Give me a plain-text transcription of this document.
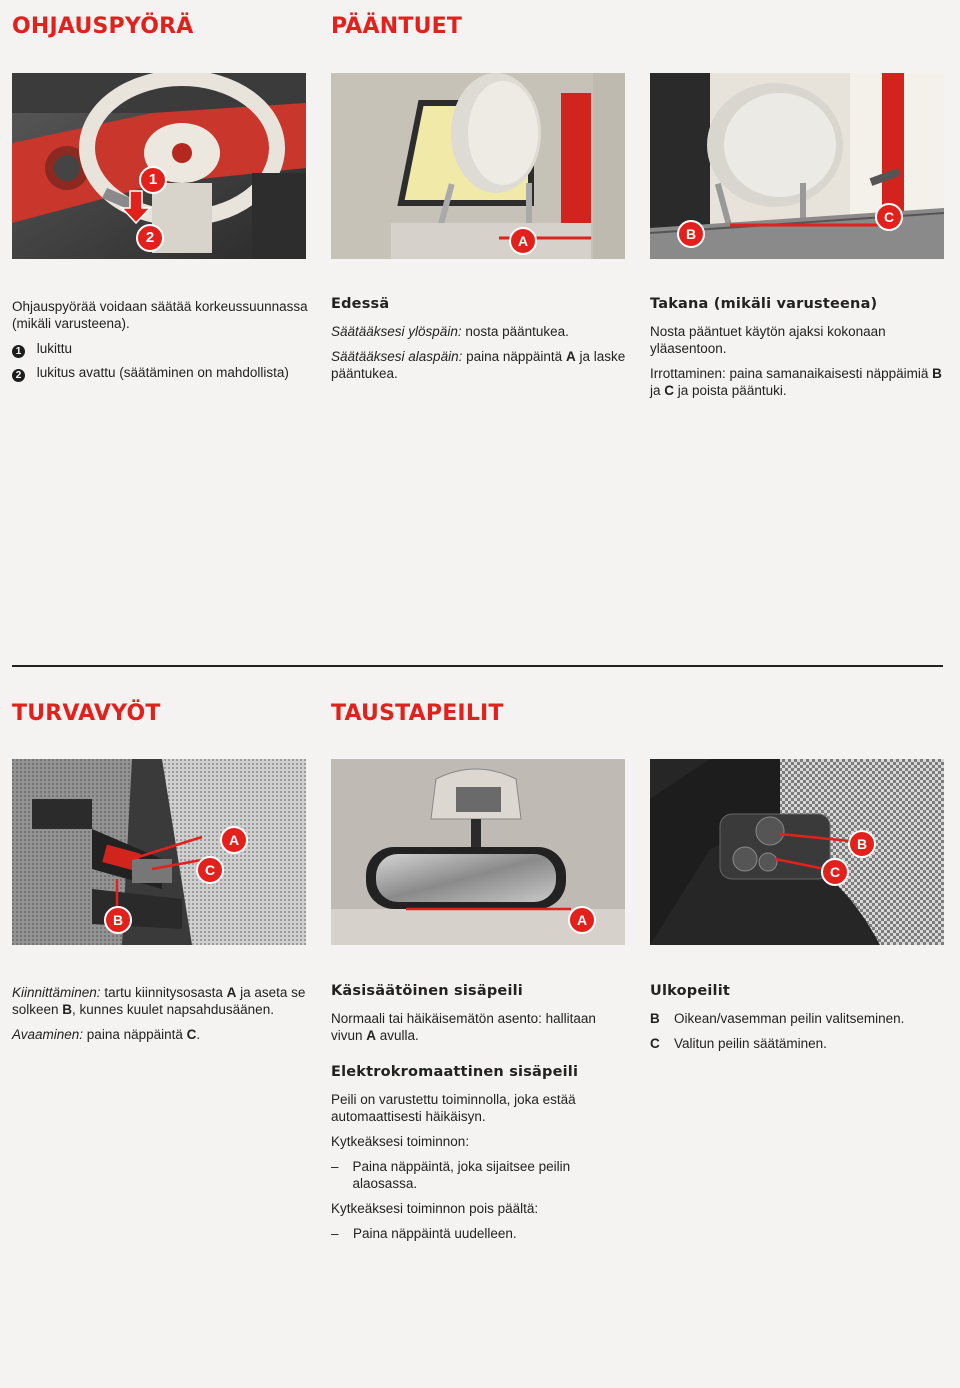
OHJAUSPYÖRÄ	PÄÄNTUET
1
2	A	B
C

Ohjauspyörää voidaan säätää korkeussuunnassa (mikäli varusteena).

1 lukittu
2 lukitus avattu (säätäminen on mahdollista)
Edessä

Säätääksesi ylöspäin: nosta pääntukea.

Säätääksesi alaspäin: paina näppäintä A ja laske pääntukea.

Takana (mikäli varusteena)

Nosta pääntuet käytön ajaksi kokonaan yläasentoon.

Irrottaminen: paina samanaikaisesti näppäimiä B ja C ja poista pääntuki.

TURVAVYÖT	TAUSTAPEILIT
A
B
C
A
B
C

Kiinnittäminen: tartu kiinnitysosasta A ja aseta se solkeen B, kunnes kuulet napsahdusäänen.

Avaaminen: paina näppäintä C.

Käsisäätöinen sisäpeili

Normaali tai häikäisemätön asento: hallitaan vivun A avulla.

Elektrokromaattinen sisäpeili

Peili on varustettu toiminnolla, joka estää automaattisesti häikäisyn.

Kytkeäksesi toiminnon:

–	Paina näppäintä, joka sijaitsee peilin alaosassa.

Kytkeäksesi toiminnon pois päältä:

–	Paina näppäintä uudelleen.
Ulkopeilit
B Oikean/vasemman peilin valitseminen.
C Valitun peilin säätäminen.
